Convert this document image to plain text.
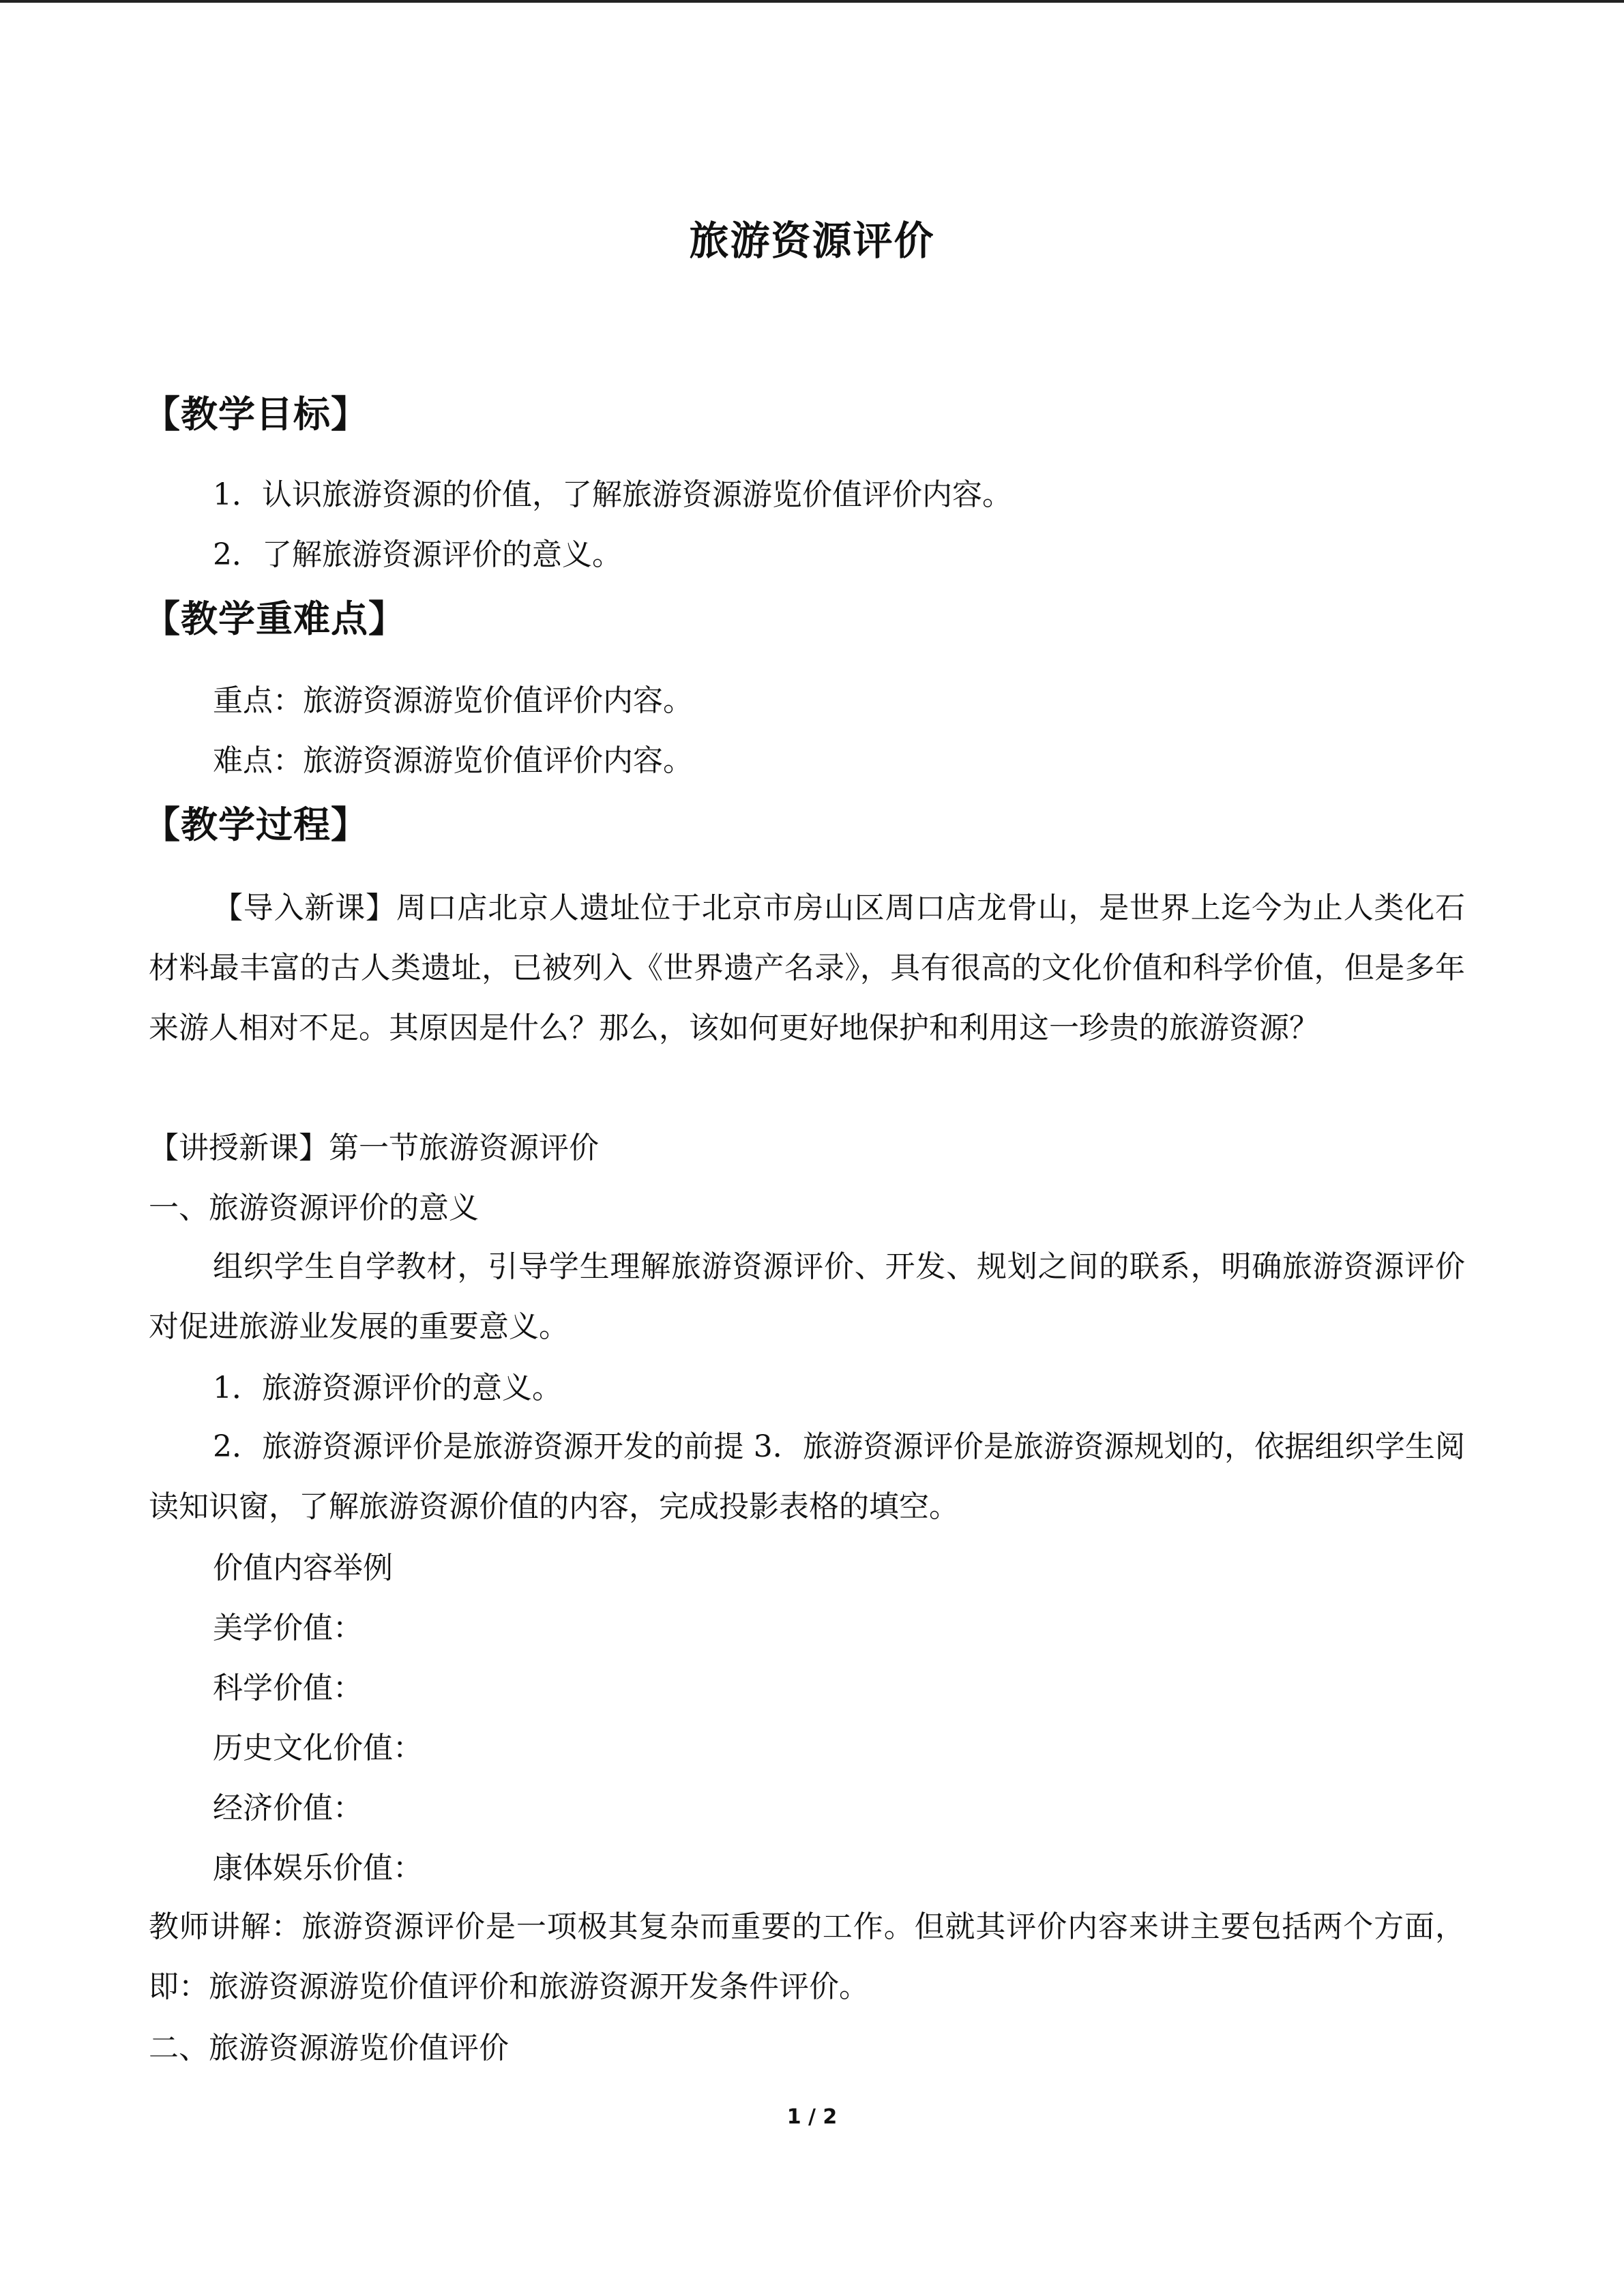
旅游资源评价
【教学目标】
1．认识旅游资源的价值，了解旅游资源游览价值评价内容。
2．了解旅游资源评价的意义。
【教学重难点】
重点：旅游资源游览价值评价内容。
难点：旅游资源游览价值评价内容。
【教学过程】
【导入新课】周口店北京人遗址位于北京市房山区周口店龙骨山，是世界上迄今为止人类化石材料最丰富的古人类遗址，已被列入《世界遗产名录》，具有很高的文化价值和科学价值，但是多年来游人相对不足。其原因是什么？那么，该如何更好地保护和利用这一珍贵的旅游资源？
【讲授新课】第一节旅游资源评价
一、旅游资源评价的意义
组织学生自学教材，引导学生理解旅游资源评价、开发、规划之间的联系，明确旅游资源评价对促进旅游业发展的重要意义。
1．旅游资源评价的意义。
2．旅游资源评价是旅游资源开发的前提 3．旅游资源评价是旅游资源规划的，依据组织学生阅读知识窗，了解旅游资源价值的内容，完成投影表格的填空。
价值内容举例
美学价值：
科学价值：
历史文化价值：
经济价值：
康体娱乐价值：
教师讲解：旅游资源评价是一项极其复杂而重要的工作。但就其评价内容来讲主要包括两个方面，即：旅游资源游览价值评价和旅游资源开发条件评价。
二、旅游资源游览价值评价
1 / 2
